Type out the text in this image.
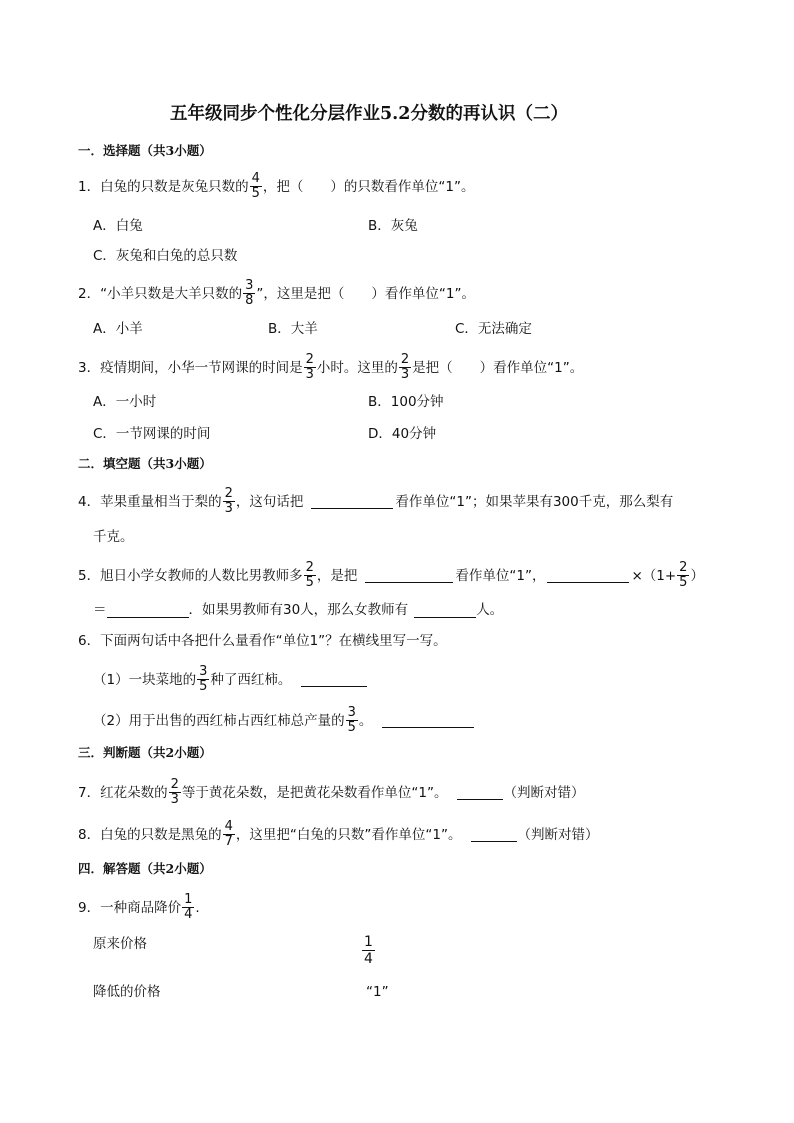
五年级同步个性化分层作业5.2分数的再认识（二）
一．选择题（共3小题）
1．白兔的只数是灰兔只数的 $\frac{4}{5}$ ，把（　　）的只数看作单位“1”。
A．白兔	B．灰兔
C．灰兔和白兔的总只数
2．“小羊只数是大羊只数的 $\frac{3}{8}$ ”，这里是把（　　）看作单位“1”。
A．小羊	B．大羊	C．无法确定
3．疫情期间，小华一节网课的时间是 $\frac{2}{3}$ 小时。这里的 $\frac{2}{3}$ 是把（　　）看作单位“1”。
A．一小时	B．100分钟
C．一节网课的时间	D．40分钟
二．填空题（共3小题）
4．苹果重量相当于梨的 $\frac{2}{3}$ ，这句话把	看作单位“1”；如果苹果有300千克，那么梨有
千克。
5．旭日小学女教师的人数比男教师多 $\frac{2}{5}$ ，是把	看作单位“1”，	$\times(1+ \frac{2}{5}$ ）
＝	．如果男教师有30人，那么女教师有	人。
6．下面两句话中各把什么量看作“单位1”？在横线里写一写。
（1）一块菜地的 $\frac{3}{5}$ 种了西红柿。
（2）用于出售的西红柿占西红柿总产量的 $\frac{3}{5}$ 。
三．判断题（共2小题）
7．红花朵数的 $\frac{2}{3}$ 等于黄花朵数，是把黄花朵数看作单位“1”。	（判断对错）
8．白兔的只数是黑兔的 $\frac{4}{7}$ ，这里把“白兔的只数”看作单位“1”。	（判断对错）
四．解答题（共2小题）
9．一种商品降价 $\frac{1}{4}$ .
原来价格	$\frac{1}{4}$
降低的价格	“1”
